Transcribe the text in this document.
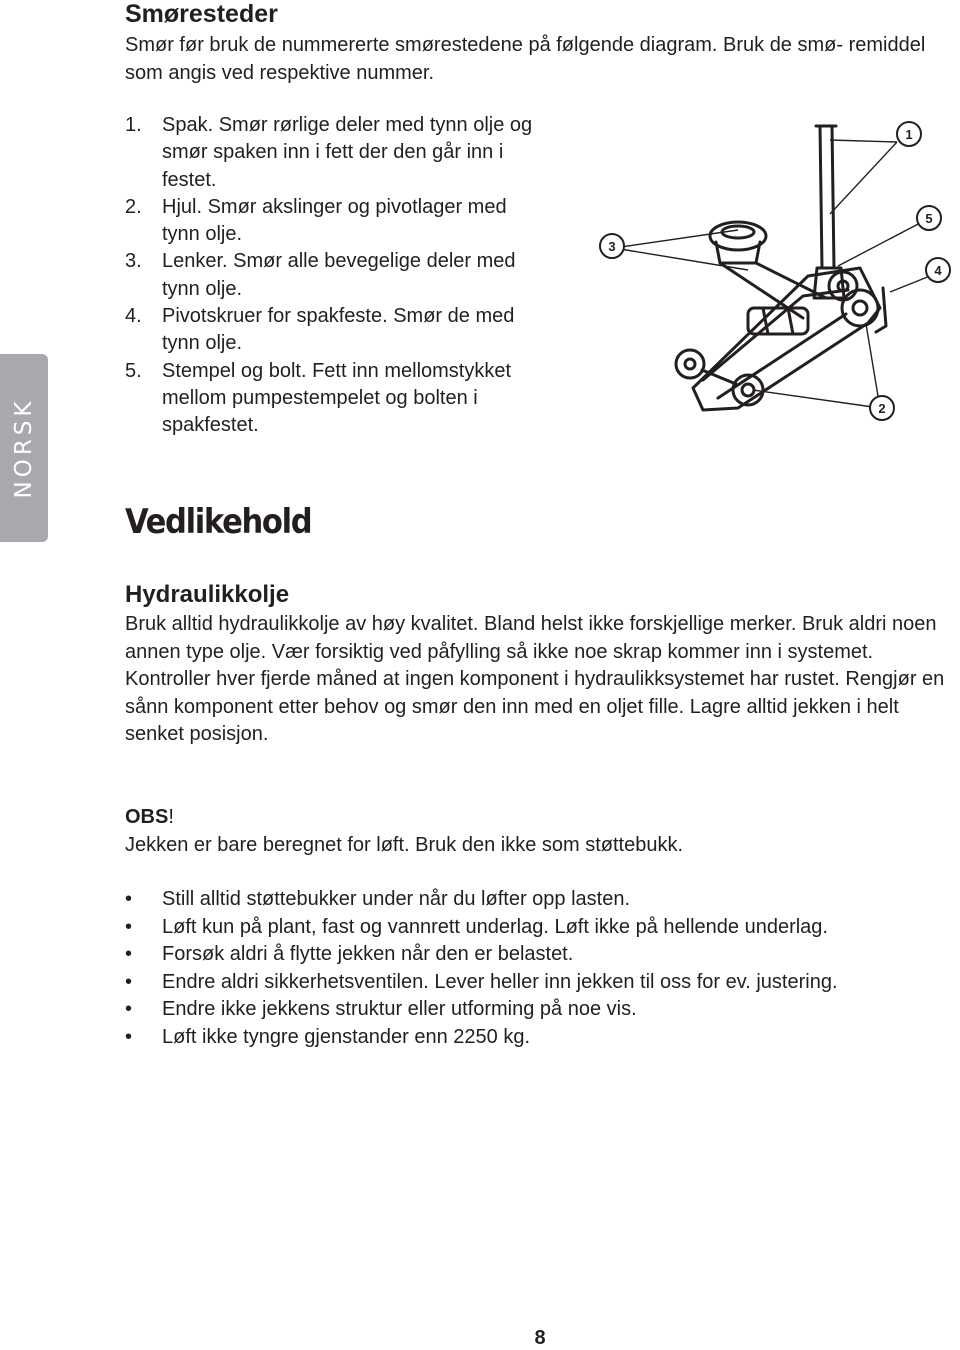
NORSK
Smøresteder

Smør før bruk de nummererte smørestedene på følgende diagram. Bruk de smø- remiddel som angis ved respektive nummer.

1.	Spak. Smør rørlige deler med tynn olje og smør spaken inn i fett der den går inn i festet.
2.	Hjul. Smør akslinger og pivotlager med tynn olje.
3.	Lenker. Smør alle bevegelige deler med tynn olje.
4.	Pivotskruer for spakfeste. Smør de med tynn olje.
5.	Stempel og bolt. Fett inn mellomstykket mellom pumpestempelet og bolten i spakfestet.
1
2
3
4
5
Vedlikehold
Hydraulikkolje

Bruk alltid hydraulikkolje av høy kvalitet. Bland helst ikke forskjellige merker. Bruk aldri noen annen type olje. Vær forsiktig ved påfylling så ikke noe skrap kommer inn i systemet. Kontroller hver fjerde måned at ingen komponent i hydraulikksystemet har rustet. Rengjør en sånn komponent etter behov og smør den inn med en oljet fille. Lagre alltid jekken i helt senket posisjon.

OBS!

Jekken er bare beregnet for løft. Bruk den ikke som støttebukk.

•	Still alltid støttebukker under når du løfter opp lasten.
•	Løft kun på plant, fast og vannrett underlag. Løft ikke på hellende underlag.
•	Forsøk aldri å flytte jekken når den er belastet.
•	Endre aldri sikkerhetsventilen. Lever heller inn jekken til oss for ev. justering.
•	Endre ikke jekkens struktur eller utforming på noe vis.
•	Løft ikke tyngre gjenstander enn 2250 kg.

8
